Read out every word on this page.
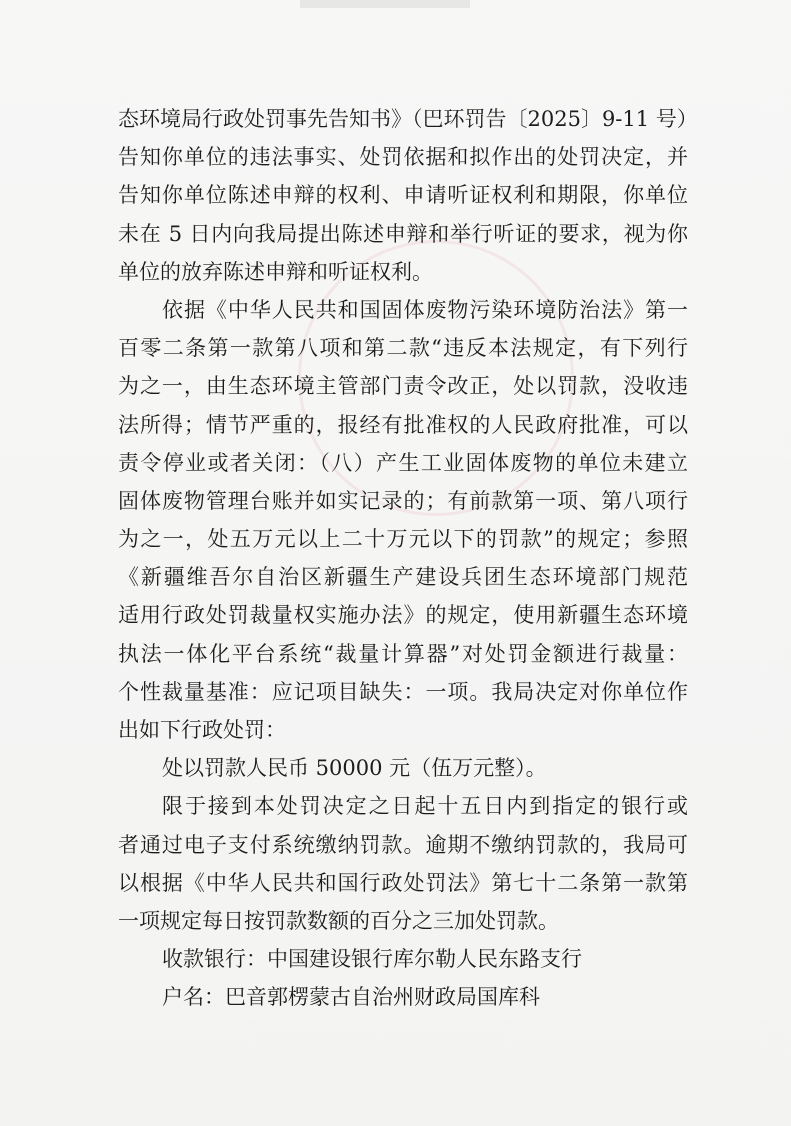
态环境局行政处罚事先告知书》（巴环罚告〔2025〕9-11 号）
告知你单位的违法事实、处罚依据和拟作出的处罚决定，并
告知你单位陈述申辩的权利、申请听证权利和期限，你单位
未在 5 日内向我局提出陈述申辩和举行听证的要求，视为你
单位的放弃陈述申辩和听证权利。
依据《中华人民共和国固体废物污染环境防治法》第一
百零二条第一款第八项和第二款“违反本法规定，有下列行
为之一，由生态环境主管部门责令改正，处以罚款，没收违
法所得；情节严重的，报经有批准权的人民政府批准，可以
责令停业或者关闭：（八）产生工业固体废物的单位未建立
固体废物管理台账并如实记录的；有前款第一项、第八项行
为之一，处五万元以上二十万元以下的罚款”的规定；参照
《新疆维吾尔自治区新疆生产建设兵团生态环境部门规范
适用行政处罚裁量权实施办法》的规定，使用新疆生态环境
执法一体化平台系统“裁量计算器”对处罚金额进行裁量：
个性裁量基准：应记项目缺失：一项。我局决定对你单位作
出如下行政处罚：
处以罚款人民币 50000 元（伍万元整）。
限于接到本处罚决定之日起十五日内到指定的银行或
者通过电子支付系统缴纳罚款。逾期不缴纳罚款的，我局可
以根据《中华人民共和国行政处罚法》第七十二条第一款第
一项规定每日按罚款数额的百分之三加处罚款。
收款银行：中国建设银行库尔勒人民东路支行
户名：巴音郭楞蒙古自治州财政局国库科
